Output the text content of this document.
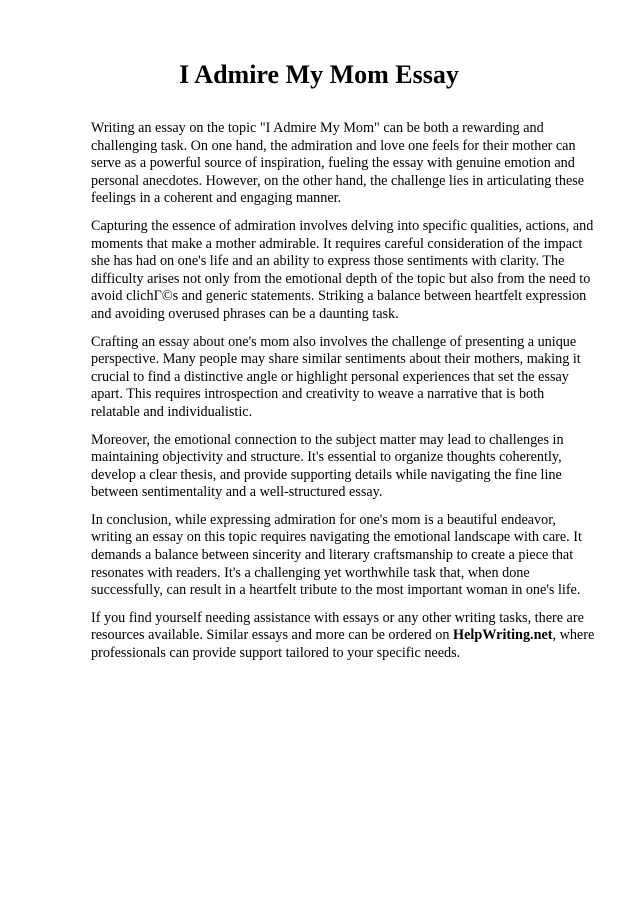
I Admire My Mom Essay

Writing an essay on the topic "I Admire My Mom" can be both a rewarding and challenging task. On one hand, the admiration and love one feels for their mother can serve as a powerful source of inspiration, fueling the essay with genuine emotion and personal anecdotes. However, on the other hand, the challenge lies in articulating these feelings in a coherent and engaging manner.

Capturing the essence of admiration involves delving into specific qualities, actions, and moments that make a mother admirable. It requires careful consideration of the impact she has had on one's life and an ability to express those sentiments with clarity. The difficulty arises not only from the emotional depth of the topic but also from the need to avoid clichГ©s and generic statements. Striking a balance between heartfelt expression and avoiding overused phrases can be a daunting task.

Crafting an essay about one's mom also involves the challenge of presenting a unique perspective. Many people may share similar sentiments about their mothers, making it crucial to find a distinctive angle or highlight personal experiences that set the essay apart. This requires introspection and creativity to weave a narrative that is both relatable and individualistic.

Moreover, the emotional connection to the subject matter may lead to challenges in maintaining objectivity and structure. It's essential to organize thoughts coherently, develop a clear thesis, and provide supporting details while navigating the fine line between sentimentality and a well-structured essay.

In conclusion, while expressing admiration for one's mom is a beautiful endeavor, writing an essay on this topic requires navigating the emotional landscape with care. It demands a balance between sincerity and literary craftsmanship to create a piece that resonates with readers. It's a challenging yet worthwhile task that, when done successfully, can result in a heartfelt tribute to the most important woman in one's life.

If you find yourself needing assistance with essays or any other writing tasks, there are resources available. Similar essays and more can be ordered on HelpWriting.net, where professionals can provide support tailored to your specific needs.
